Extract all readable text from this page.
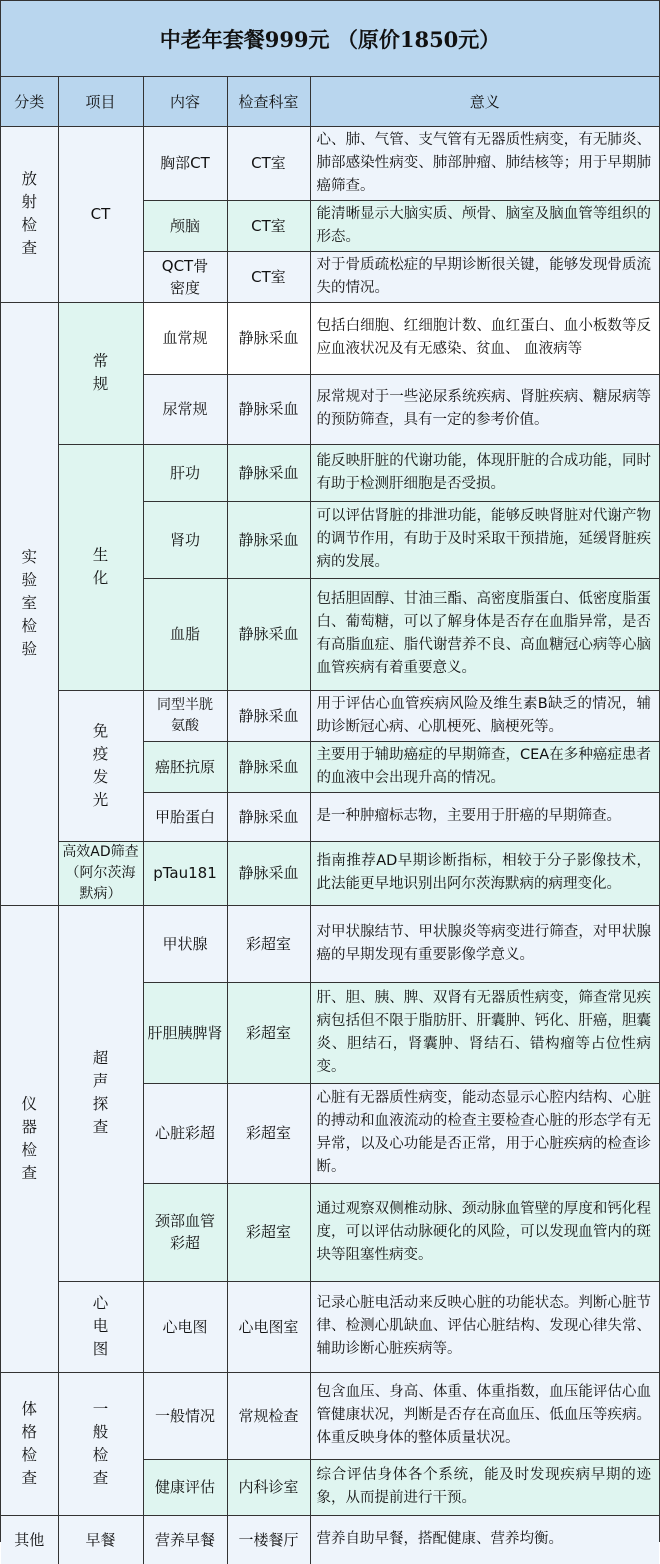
中老年套餐999元 （原价1850元）
分类	项目	内容	检查科室	意义

放射检查	CT	胸部CT	CT室	心、肺、气管、支气管有无器质性病变，有无肺炎、肺部感染性病变、肺部肿瘤、肺结核等；用于早期肺癌筛查。
		颅脑	CT室	能清晰显示大脑实质、颅骨、脑室及脑血管等组织的形态。

		QCT骨密度	CT室	对于骨质疏松症的早期诊断很关键，能够发现骨质流失的情况。

实验室检验	常规	血常规	静脉采血	包括白细胞、红细胞计数、血红蛋白、血小板数等反应血液状况及有无感染、贫血、 血液病等
		尿常规	静脉采血	尿常规对于一些泌尿系统疾病、肾脏疾病、糖尿病等的预防筛查，具有一定的参考价值。

	生化	肝功	静脉采血	能反映肝脏的代谢功能，体现肝脏的合成功能，同时有助于检测肝细胞是否受损。
		肾功	静脉采血	可以评估肾脏的排泄功能，能够反映肾脏对代谢产物的调节作用，有助于及时采取干预措施，延缓肾脏疾病的发展。
		血脂	静脉采血	包括胆固醇、甘油三酯、高密度脂蛋白、低密度脂蛋白、葡萄糖，可以了解身体是否存在血脂异常，是否有高脂血症、脂代谢营养不良、高血糖冠心病等心脑血管疾病有着重要意义。

	免疫发光	同型半胱氨酸	静脉采血	用于评估心血管疾病风险及维生素B缺乏的情况，辅助诊断冠心病、心肌梗死、脑梗死等。
		癌胚抗原	静脉采血	主要用于辅助癌症的早期筛查，CEA在多种癌症患者的血液中会出现升高的情况。
		甲胎蛋白	静脉采血	是一种肿瘤标志物，主要用于肝癌的早期筛查。

	高效AD筛查（阿尔茨海默病）	pTau181	静脉采血	指南推荐AD早期诊断指标，相较于分子影像技术，此法能更早地识别出阿尔茨海默病的病理变化。

仪器检查	超声探查	甲状腺	彩超室	对甲状腺结节、甲状腺炎等病变进行筛查，对甲状腺癌的早期发现有重要影像学意义。
		肝胆胰脾肾	彩超室	肝、胆、胰、脾、双肾有无器质性病变，筛查常见疾病包括但不限于脂肪肝、肝囊肿、钙化、肝癌，胆囊炎、胆结石，肾囊肿、肾结石、错构瘤等占位性病变。
		心脏彩超	彩超室	心脏有无器质性病变，能动态显示心腔内结构、心脏的搏动和血液流动的检查主要检查心脏的形态学有无异常，以及心功能是否正常，用于心脏疾病的检查诊断。

		颈部血管彩超	彩超室	通过观察双侧椎动脉、颈动脉血管壁的厚度和钙化程度，可以评估动脉硬化的风险，可以发现血管内的斑块等阻塞性病变。

	心电图	心电图	心电图室	记录心脏电活动来反映心脏的功能状态。判断心脏节律、检测心肌缺血、评估心脏结构、发现心律失常、辅助诊断心脏疾病等。

体格检查	一般检查	一般情况	常规检查	包含血压、身高、体重、体重指数，血压能评估心血管健康状况，判断是否存在高血压、低血压等疾病。体重反映身体的整体质量状况。
		健康评估	内科诊室	综合评估身体各个系统，能及时发现疾病早期的迹象，从而提前进行干预。
其他	早餐	营养早餐	一楼餐厅	营养自助早餐，搭配健康、营养均衡。
